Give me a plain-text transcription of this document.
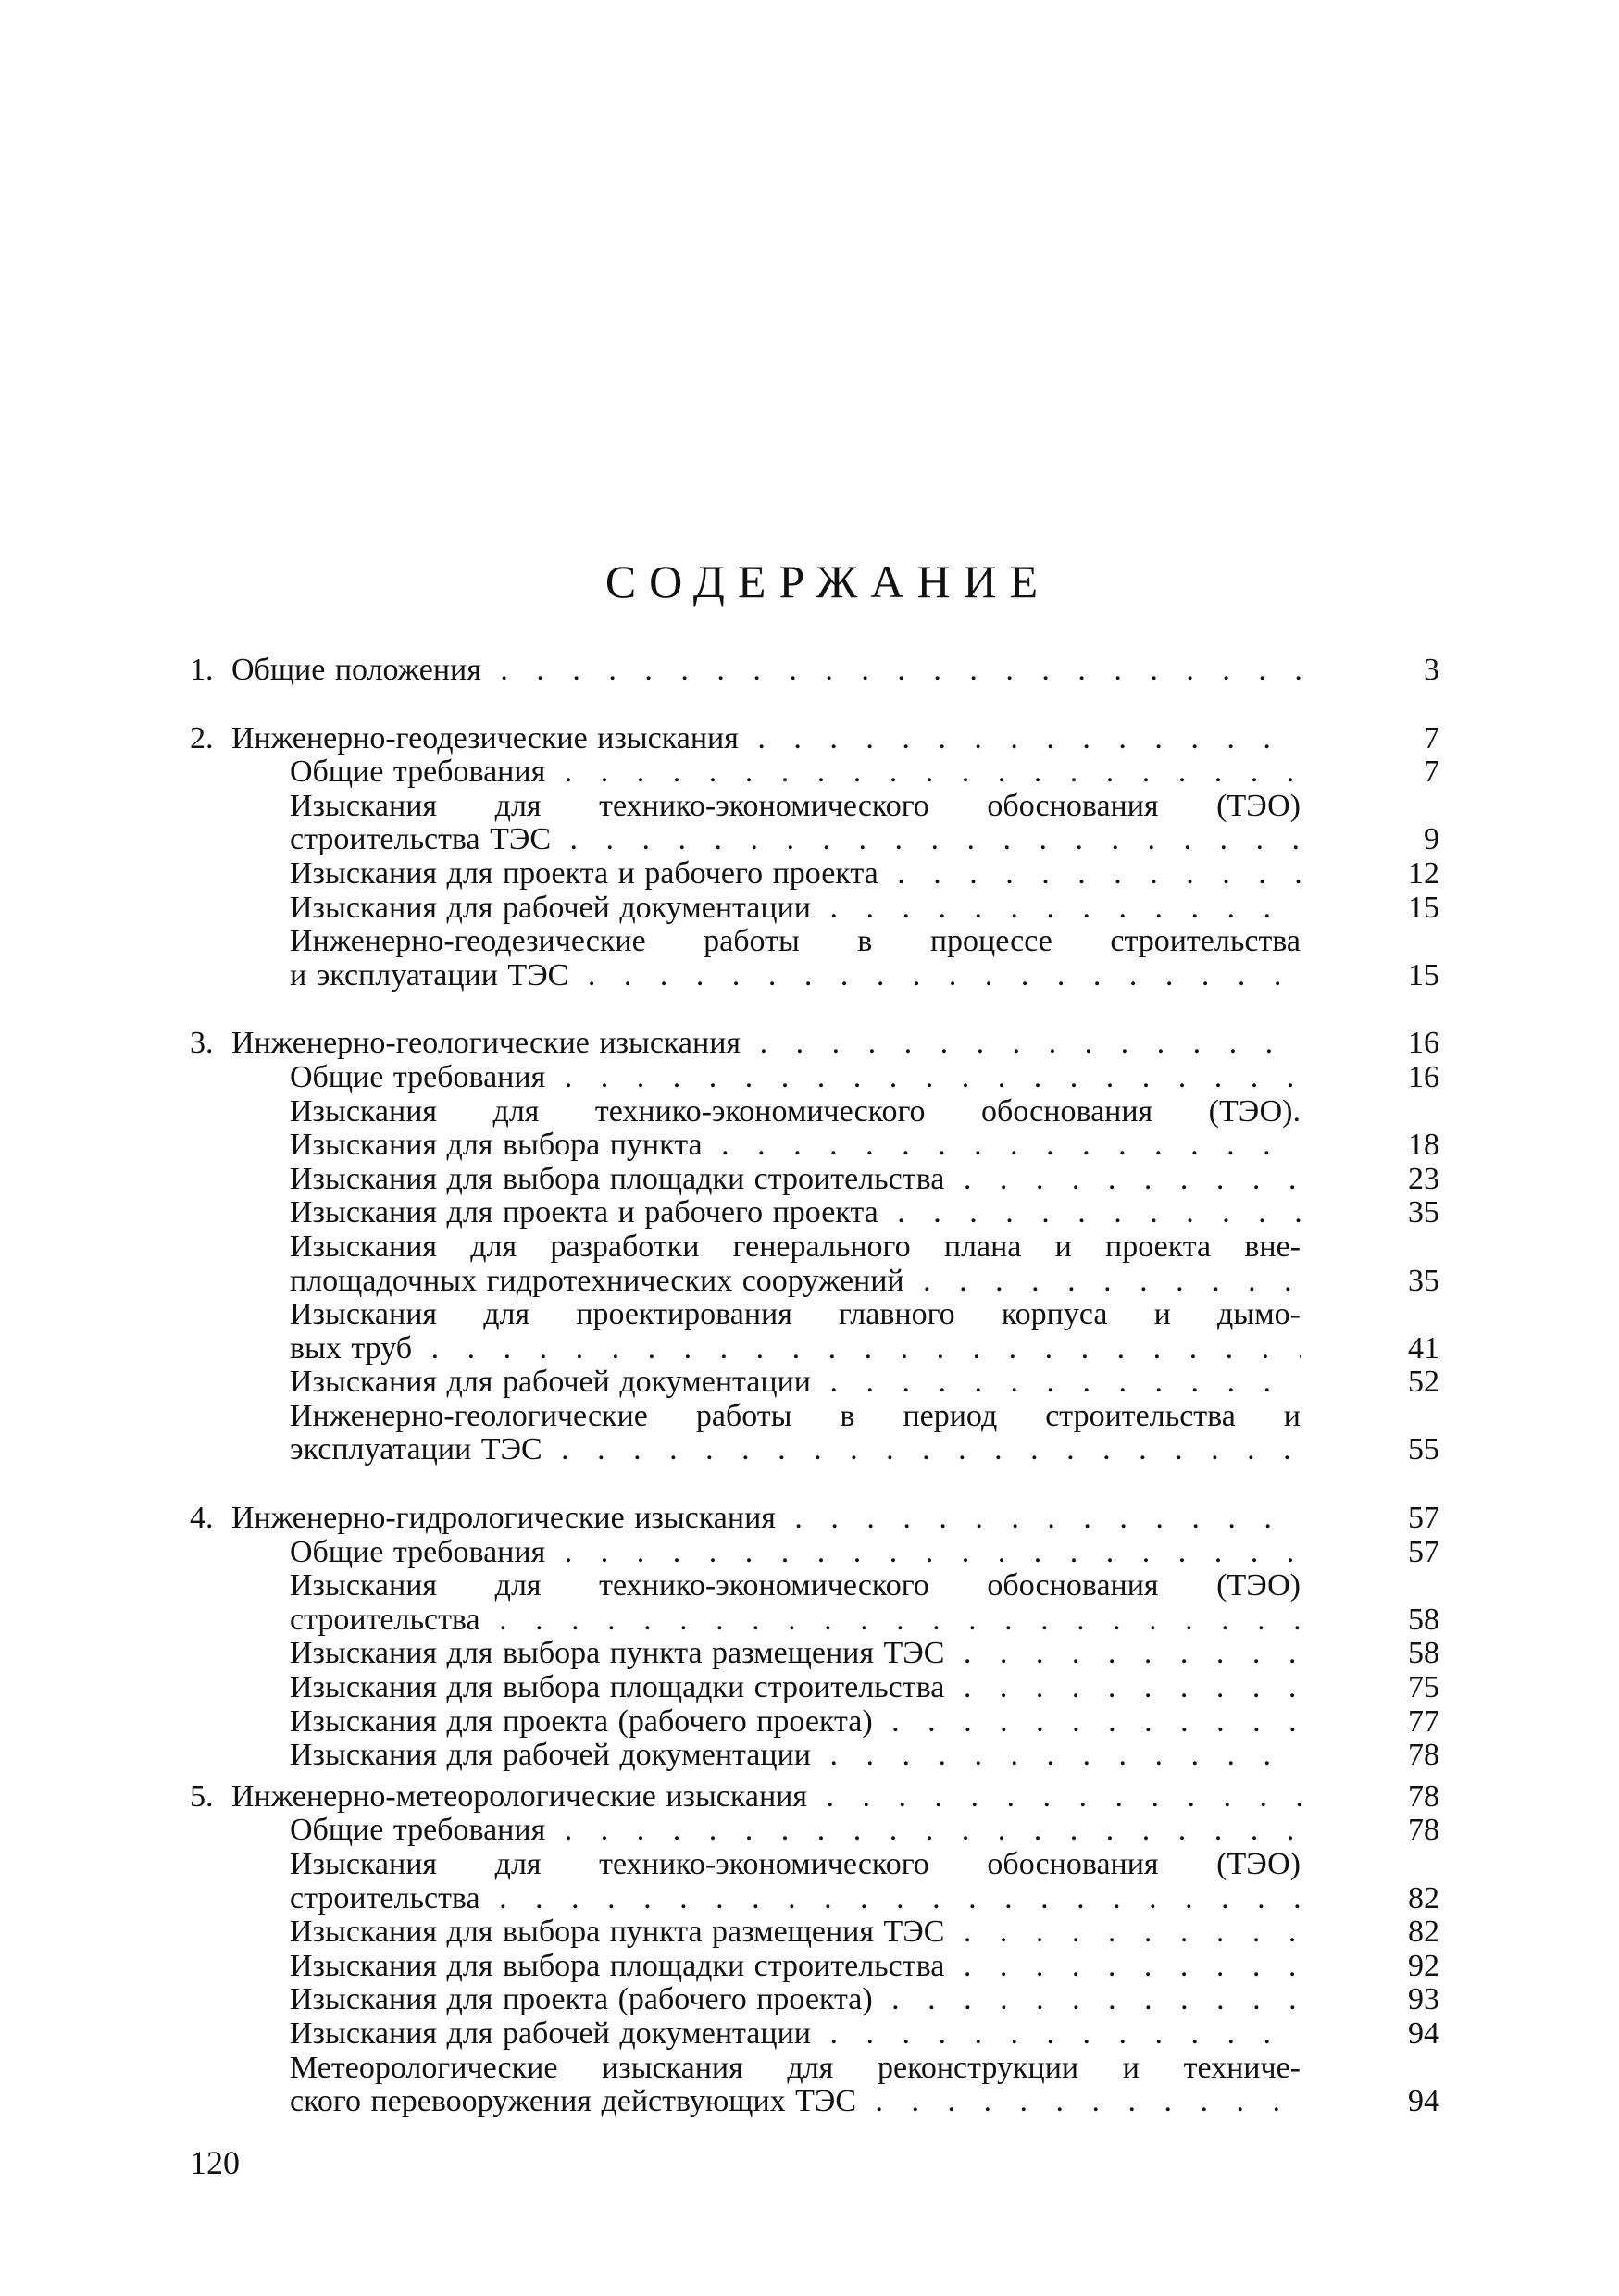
СОДЕРЖАНИЕ
1. Общие положения . . .	3
2. Инженерно-геодезические изыскания . . .	7
Общие требования . . .	7
Изыскания для технико-экономического обоснования (ТЭО)
строительства ТЭС . . .	9
Изыскания для проекта и рабочего проекта . . .	12
Изыскания для рабочей документации . . .	15
Инженерно-геодезические работы в процессе строительства
и эксплуатации ТЭС . . .	15
3. Инженерно-геологические изыскания . . .	16
Общие требования . . .	16
Изыскания для технико-экономического обоснования (ТЭО).
Изыскания для выбора пункта . . .	18
Изыскания для выбора площадки строительства . . .	23
Изыскания для проекта и рабочего проекта . . .	35
Изыскания для разработки генерального плана и проекта вне-
площадочных гидротехнических сооружений . . .	35
Изыскания для проектирования главного корпуса и дымо-
вых труб . . .	41
Изыскания для рабочей документации . . .	52
Инженерно-геологические работы в период строительства и
эксплуатации ТЭС . . .	55
4. Инженерно-гидрологические изыскания . . .	57
Общие требования . . .	57
Изыскания для технико-экономического обоснования (ТЭО)
строительства . . .	58
Изыскания для выбора пункта размещения ТЭС . . .	58
Изыскания для выбора площадки строительства . . .	75
Изыскания для проекта (рабочего проекта) . . .	77
Изыскания для рабочей документации . . .	78
5. Инженерно-метеорологические изыскания . . .	78
Общие требования . . .	78
Изыскания для технико-экономического обоснования (ТЭО)
строительства . . .	82
Изыскания для выбора пункта размещения ТЭС . . .	82
Изыскания для выбора площадки строительства . . .	92
Изыскания для проекта (рабочего проекта) . . .	93
Изыскания для рабочей документации . . .	94
Метеорологические изыскания для реконструкции и техниче-
ского перевооружения действующих ТЭС . . .	94
120
